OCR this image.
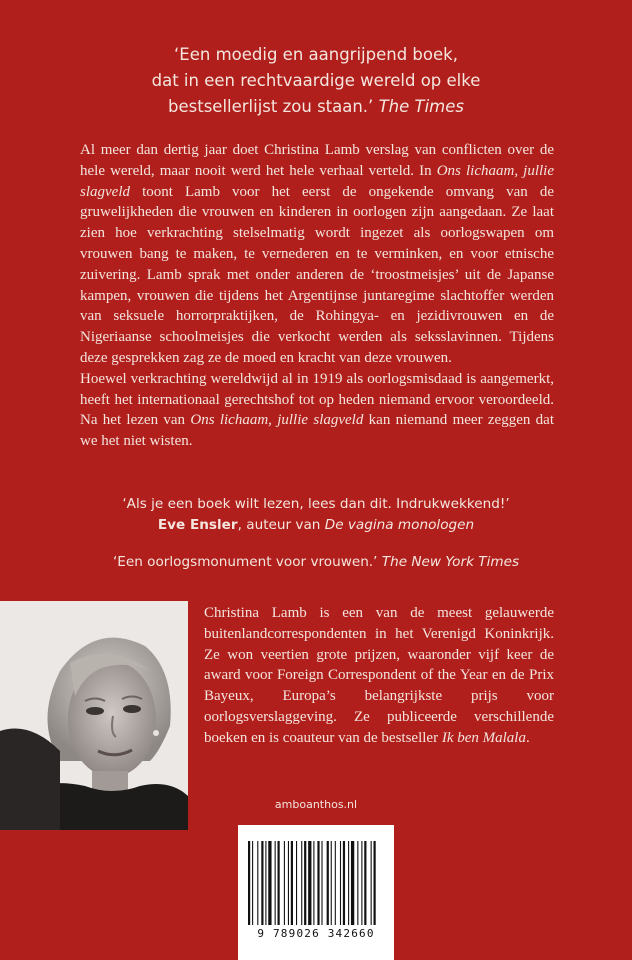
‘Een moedig en aangrijpend boek,
dat in een rechtvaardige wereld op elke
bestsellerlijst zou staan.’ The Times

Al meer dan dertig jaar doet Christina Lamb verslag van conflicten over de hele wereld, maar nooit werd het hele verhaal verteld. In Ons lichaam, jullie slagveld toont Lamb voor het eerst de ongekende omvang van de gruwelijkheden die vrouwen en kinderen in oorlogen zijn aangedaan. Ze laat zien hoe verkrachting stelselmatig wordt ingezet als oorlogswapen om vrouwen bang te maken, te vernederen en te verminken, en voor etnische zuivering. Lamb sprak met onder anderen de ‘troostmeisjes’ uit de Japanse kampen, vrouwen die tijdens het Argentijnse juntaregime slachtoffer werden van seksuele horrorpraktijken, de Rohingya- en jezidivrouwen en de Nigeriaanse schoolmeisjes die verkocht werden als seksslavinnen. Tijdens deze gesprekken zag ze de moed en kracht van deze vrouwen.

Hoewel verkrachting wereldwijd al in 1919 als oorlogsmisdaad is aangemerkt, heeft het internationaal gerechtshof tot op heden niemand ervoor veroordeeld. Na het lezen van Ons lichaam, jullie slagveld kan niemand meer zeggen dat we het niet wisten.

‘Als je een boek wilt lezen, lees dan dit. Indrukwekkend!’
Eve Ensler, auteur van De vagina monologen
‘Een oorlogsmonument voor vrouwen.’ The New York Times
Christina Lamb is een van de meest gelauwerde buitenlandcorrespondenten in het Verenigd Koninkrijk. Ze won veertien grote prijzen, waaronder vijf keer de award voor Foreign Correspondent of the Year en de Prix Bayeux, Europa’s belangrijkste prijs voor oorlogsverslaggeving. Ze publiceerde verschillende boeken en is coauteur van de bestseller Ik ben Malala.
amboanthos.nl
9 789026 342660
